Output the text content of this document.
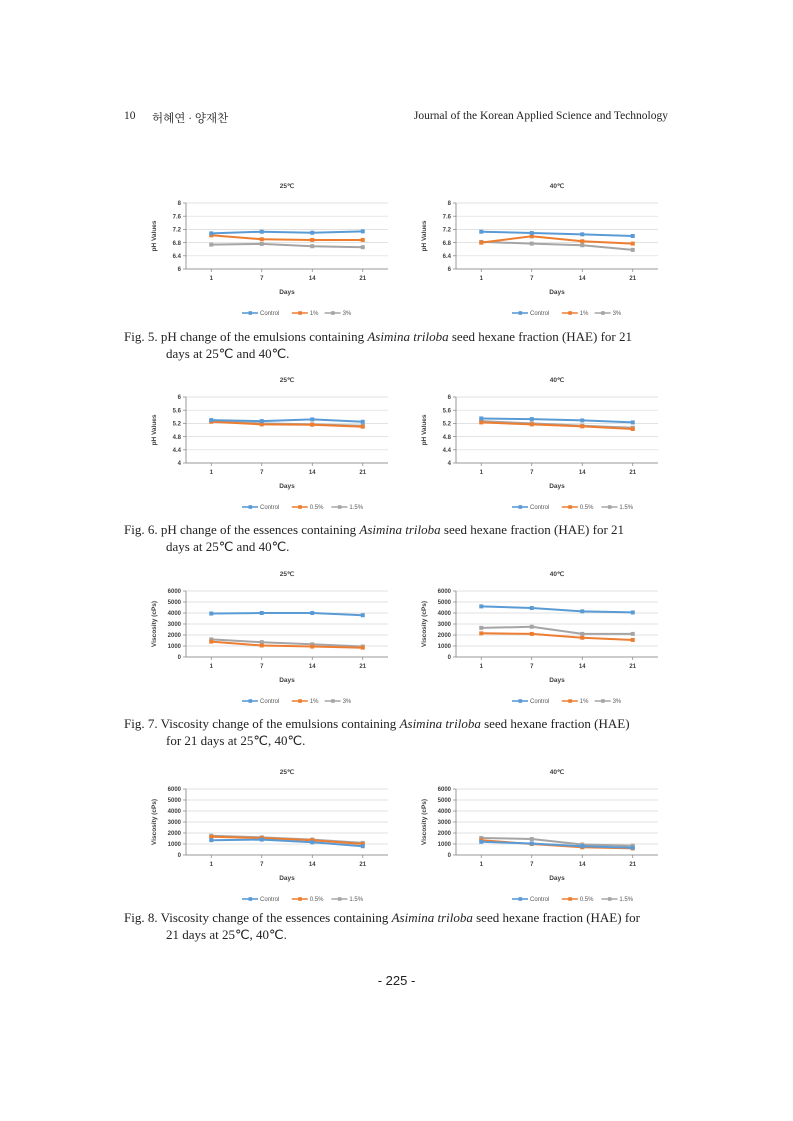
10 허혜연 · 양재찬	Journal of the Korean Applied Science and Technology
25℃
6
6.4
6.8
7.2
7.6
8
1	7	14	21
Days
pH Values
Control	1%	3%
40℃
6
6.4
6.8
7.2
7.6
8
1	7	14	21
Days
pH Values
Control	1%	3%
Fig. 5. pH change of the emulsions containing Asimina triloba seed hexane fraction (HAE) for 21
days at 25℃ and 40℃.
25℃
4
4.4
4.8
5.2
5.6
6
1	7	14	21
Days
pH Values
Control	0.5%	1.5%
40℃
4
4.4
4.8
5.2
5.6
6
1	7	14	21
Days
pH Values
Control	0.5%	1.5%
Fig. 6. pH change of the essences containing Asimina triloba seed hexane fraction (HAE) for 21
days at 25℃ and 40℃.
25℃
0
1000
2000
3000
4000
5000
6000
1	7	14	21
Days
Viscosity (cPs)
Control	1%	3%
40℃
0
1000
2000
3000
4000
5000
6000
1	7	14	21
Days
Viscosity (cPs)
Control	1%	3%
Fig. 7. Viscosity change of the emulsions containing Asimina triloba seed hexane fraction (HAE)
for 21 days at 25℃, 40℃.
25℃
0
1000
2000
3000
4000
5000
6000
1	7	14	21
Days
Viscosity (cPs)
Control	0.5%	1.5%
40℃
0
1000
2000
3000
4000
5000
6000
1	7	14	21
Days
Viscosity (cPs)
Control	0.5%	1.5%
Fig. 8. Viscosity change of the essences containing Asimina triloba seed hexane fraction (HAE) for
21 days at 25℃, 40℃.
- 225 -
